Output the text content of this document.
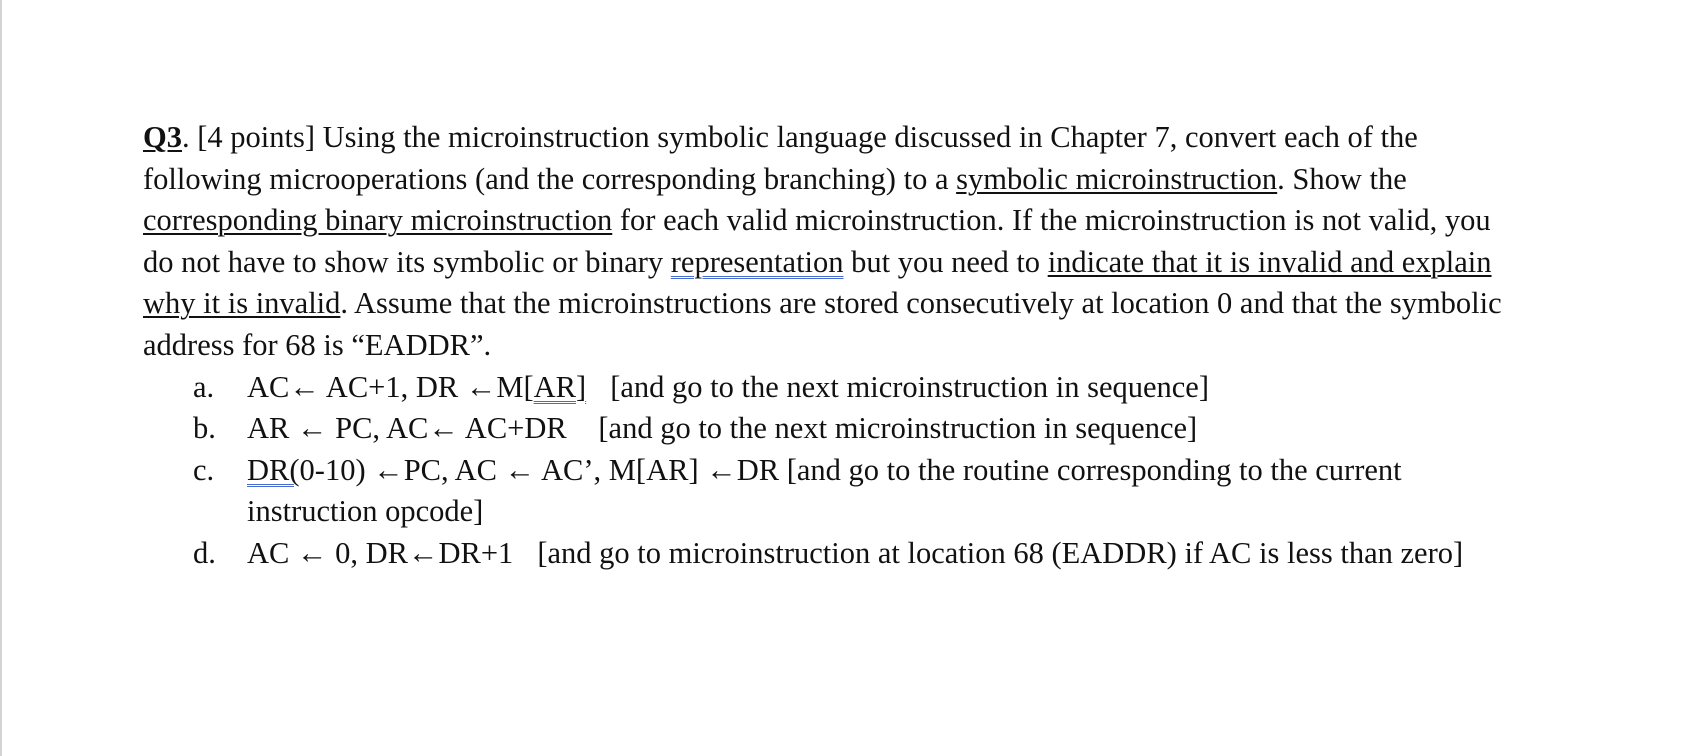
Q3. [4 points] Using the microinstruction symbolic language discussed in Chapter 7, convert each of the
following microoperations (and the corresponding branching) to a symbolic microinstruction. Show the
corresponding binary microinstruction for each valid microinstruction. If the microinstruction is not valid, you
do not have to show its symbolic or binary representation but you need to indicate that it is invalid and explain
why it is invalid. Assume that the microinstructions are stored consecutively at location 0 and that the symbolic
address for 68 is “EADDR”.

a. AC← AC+1, DR ←M[AR] [and go to the next microinstruction in sequence]
b. AR ← PC, AC← AC+DR [and go to the next microinstruction in sequence]
c. DR(0-10) ←PC, AC ← AC’, M[AR] ←DR [and go to the routine corresponding to the current
instruction opcode]
d. AC ← 0, DR←DR+1 [and go to microinstruction at location 68 (EADDR) if AC is less than zero]
